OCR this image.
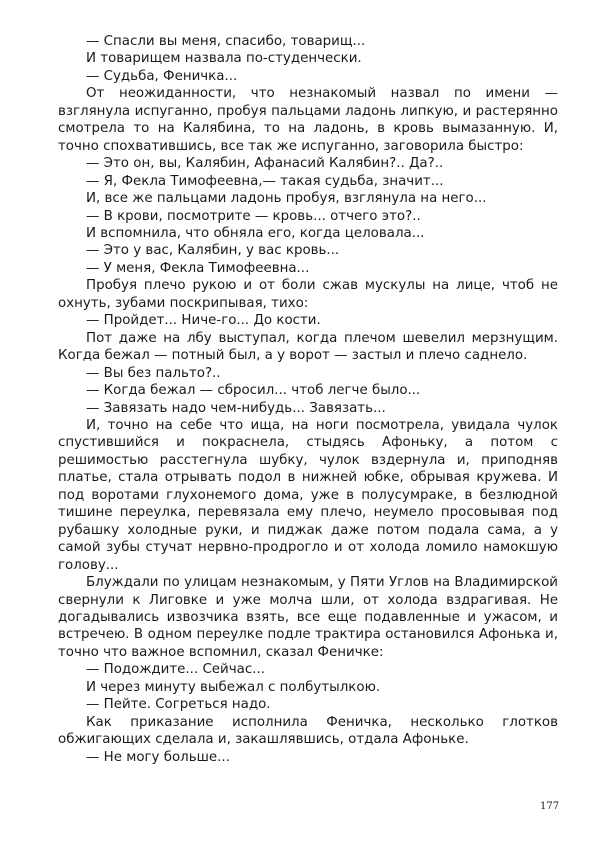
— Спасли вы меня, спасибо, товарищ...

И товарищем назвала по-студенчески.

— Судьба, Феничка...

От неожиданности, что незнакомый назвал по имени — взглянула испуганно, пробуя пальцами ладонь липкую, и растерянно смотрела то на Калябина, то на ладонь, в кровь вымазанную. И, точно спохватившись, все так же испуганно, заговорила быстро:

— Это он, вы, Калябин, Афанасий Калябин?.. Да?..

— Я, Фекла Тимофеевна,— такая судьба, значит...

И, все же пальцами ладонь пробуя, взглянула на него...

— В крови, посмотрите — кровь... отчего это?..

И вспомнила, что обняла его, когда целовала...

— Это у вас, Калябин, у вас кровь...

— У меня, Фекла Тимофеевна...

Пробуя плечо рукою и от боли сжав мускулы на лице, чтоб не охнуть, зубами поскрипывая, тихо:

— Пройдет... Ниче-го... До кости.

Пот даже на лбу выступал, когда плечом шевелил мерзнущим. Когда бежал — потный был, а у ворот — застыл и плечо саднело.

— Вы без пальто?..

— Когда бежал — сбросил... чтоб легче было...

— Завязать надо чем-нибудь... Завязать...

И, точно на себе что ища, на ноги посмотрела, увидала чулок спустившийся и покраснела, стыдясь Афоньку, а потом с решимостью расстегнула шубку, чулок вздернула и, приподняв платье, стала отрывать подол в нижней юбке, обрывая кружева. И под воротами глухонемого дома, уже в полусумраке, в безлюдной тишине переулка, перевязала ему плечо, неумело просовывая под рубашку холодные руки, и пиджак даже потом подала сама, а у самой зубы стучат нервно-продрогло и от холода ломило намокшую голову...

Блуждали по улицам незнакомым, у Пяти Углов на Владимирской свернули к Лиговке и уже молча шли, от холода вздрагивая. Не догадывались извозчика взять, все еще подавленные и ужасом, и встречею. В одном переулке подле трактира остановился Афонька и, точно что важное вспомнил, сказал Феничке:

— Подождите... Сейчас...

И через минуту выбежал с полбутылкою.

— Пейте. Согреться надо.

Как приказание исполнила Феничка, несколько глотков обжигающих сделала и, закашлявшись, отдала Афоньке.

— Не могу больше...

177
